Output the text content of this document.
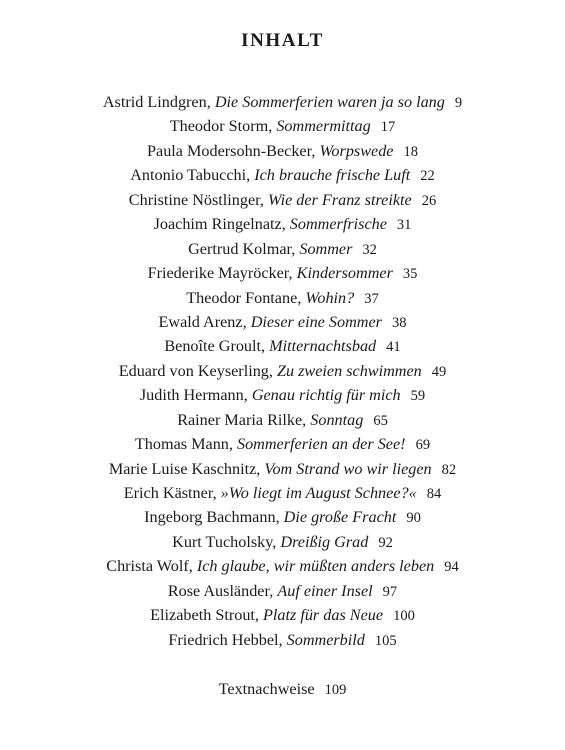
INHALT
Astrid Lindgren, Die Sommerferien waren ja so lang 9
Theodor Storm, Sommermittag 17
Paula Modersohn-Becker, Worpswede 18
Antonio Tabucchi, Ich brauche frische Luft 22
Christine Nöstlinger, Wie der Franz streikte 26
Joachim Ringelnatz, Sommerfrische 31
Gertrud Kolmar, Sommer 32
Friederike Mayröcker, Kindersommer 35
Theodor Fontane, Wohin? 37
Ewald Arenz, Dieser eine Sommer 38
Benoîte Groult, Mitternachtsbad 41
Eduard von Keyserling, Zu zweien schwimmen 49
Judith Hermann, Genau richtig für mich 59
Rainer Maria Rilke, Sonntag 65
Thomas Mann, Sommerferien an der See! 69
Marie Luise Kaschnitz, Vom Strand wo wir liegen 82
Erich Kästner, »Wo liegt im August Schnee?« 84
Ingeborg Bachmann, Die große Fracht 90
Kurt Tucholsky, Dreißig Grad 92
Christa Wolf, Ich glaube, wir müßten anders leben 94
Rose Ausländer, Auf einer Insel 97
Elizabeth Strout, Platz für das Neue 100
Friedrich Hebbel, Sommerbild 105
Textnachweise 109
